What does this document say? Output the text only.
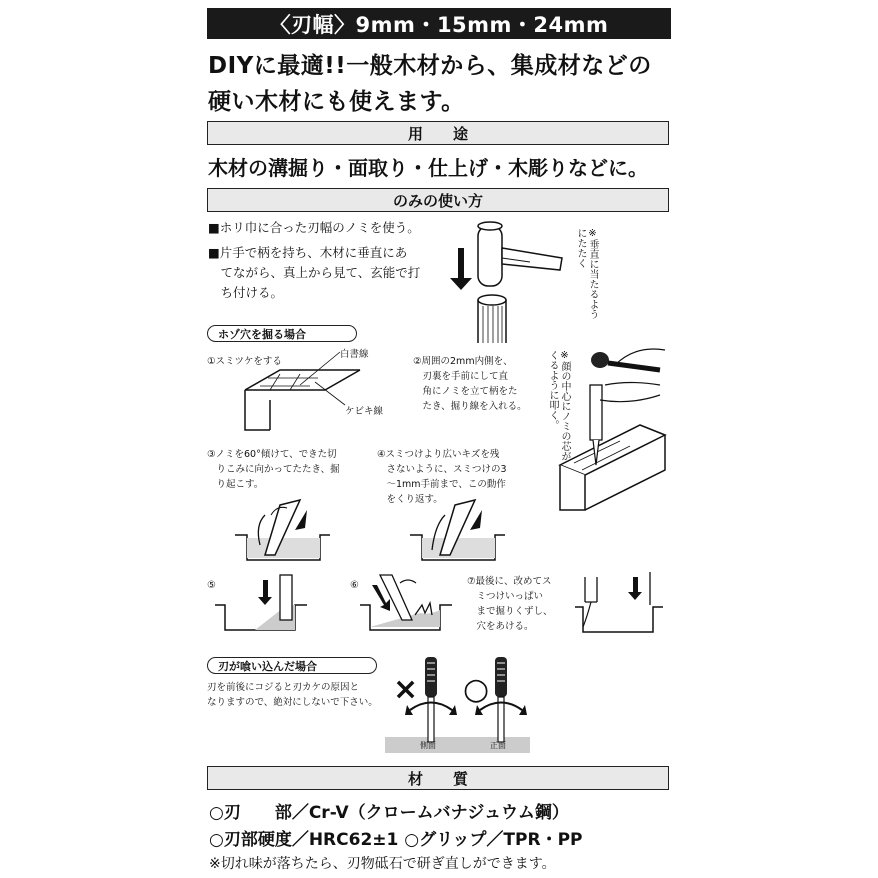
〈刃幅〉9mm・15mm・24mm
DIYに最適!!一般木材から、集成材などの
硬い木材にも使えます。
用　　途
木材の溝掘り・面取り・仕上げ・木彫りなどに。
のみの使い方
■ホリ巾に合った刃幅のノミを使う。
■片手で柄を持ち、木材に垂直にあ
　てながら、真上から見て、玄能で打
　ち付ける。	※垂直に当たるようにたたく
ホゾ穴を掘る場合
①スミツケをする
白書線
ケビキ線
②周囲の2mm内側を、
　刃裏を手前にして直
　角にノミを立て柄をた
　たき、掘り線を入れる。	※顔の中心にノミの芯がくるように叩く。
③ノミを60°傾けて、できた切
　りこみに向かってたたき、掘
　り起こす。
④スミつけより広いキズを残
　さないように、スミつけの3
　〜1mm手前まで、この動作
　をくり返す。
⑤	⑥	⑦最後に、改めてス
　ミつけいっぱい
　まで掘りくずし、
　穴をあける。
刃が喰い込んだ場合
刃を前後にコジると刃カケの原因と
なりますので、絶対にしないで下さい。 × ○
側面	正面
材　　質
○刃　　部／Cr-V（クロームバナジュウム鋼）
○刃部硬度／HRC62±1 ○グリップ／TPR・PP
※切れ味が落ちたら、刃物砥石で研ぎ直しができます。
